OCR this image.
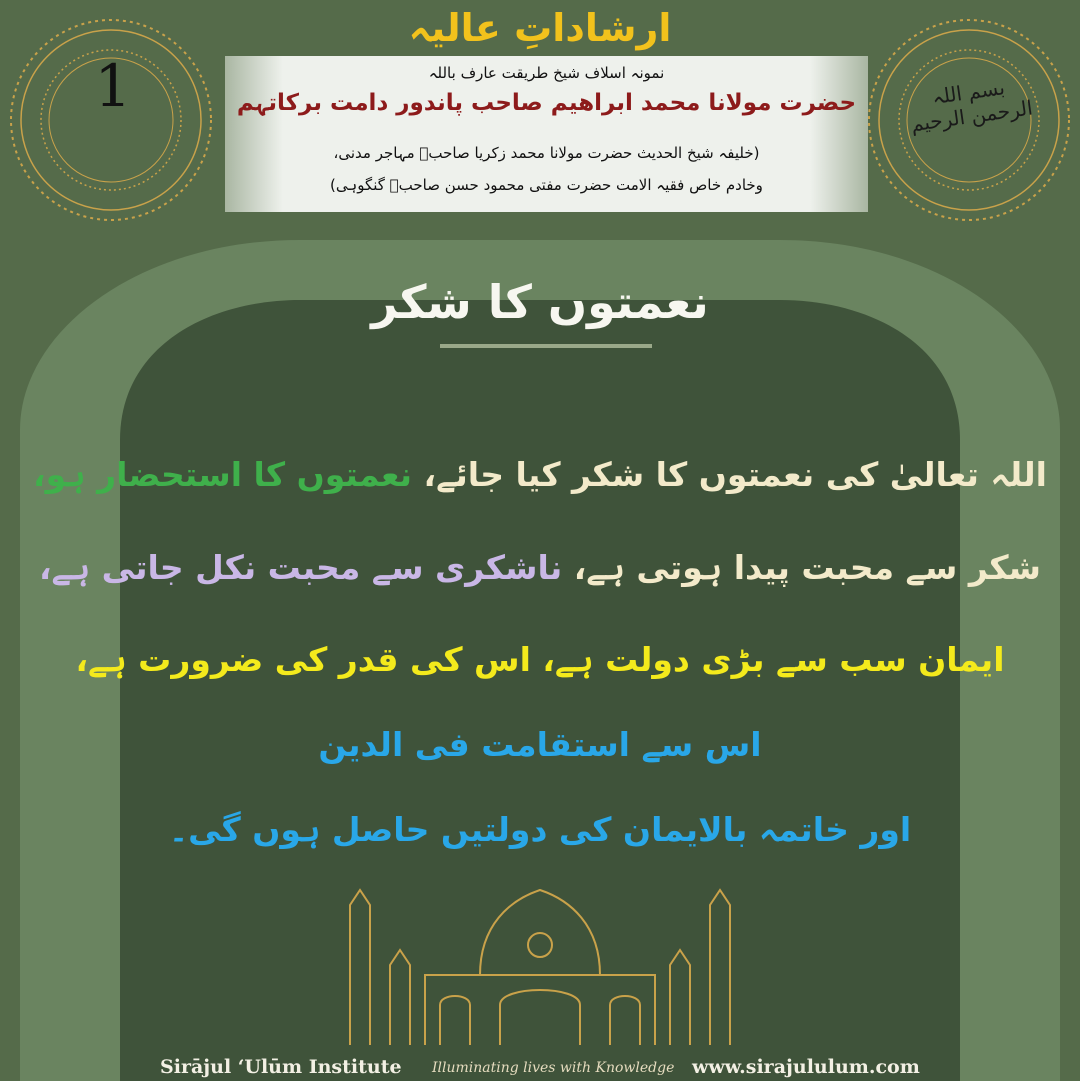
نمونہ اسلاف شیخ طریقت عارف باللہ
حضرت مولانا محمد ابراھیم صاحب پاندور دامت برکاتہم
(خلیفہ شیخ الحدیث حضرت مولانا محمد زکریا صاحبؒ مہاجر مدنی،
وخادم خاص فقیہ الامت حضرت مفتی محمود حسن صاحبؒ گنگوہی)
ارشاداتِ عالیہ
1	بسم اللہ الرحمن الرحیم
نعمتوں کا شکر
اللہ تعالیٰ کی نعمتوں کا شکر کیا جائے، نعمتوں کا استحضار ہو،
شکر سے محبت پیدا ہوتی ہے، ناشکری سے محبت نکل جاتی ہے،
ایمان سب سے بڑی دولت ہے، اس کی قدر کی ضرورت ہے،
اس سے استقامت فی الدین
اور خاتمہ بالایمان کی دولتیں حاصل ہوں گی۔
Sirājul ʻUlūm Institute Illuminating lives with Knowledge www.sirajululum.com
